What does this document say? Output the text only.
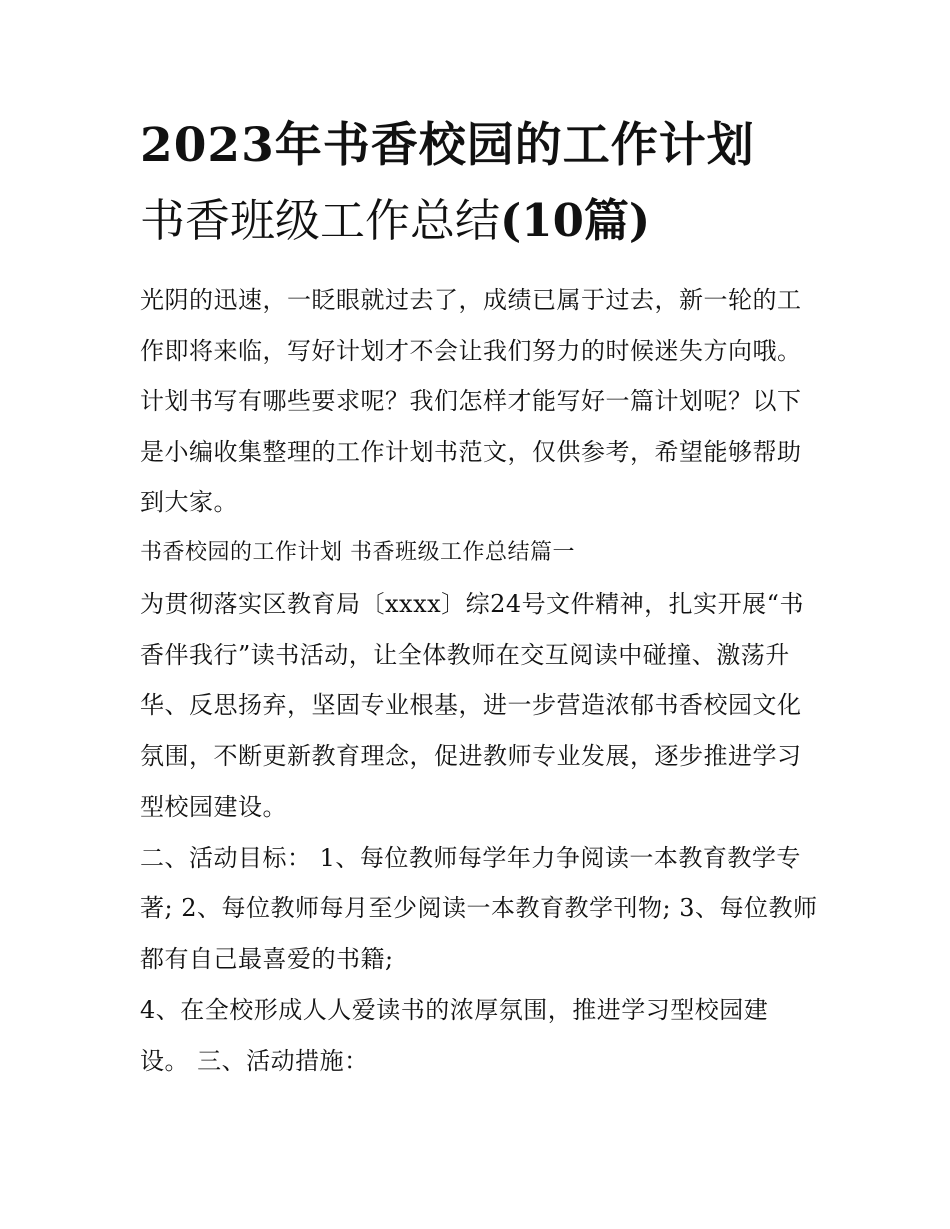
2023年书香校园的工作计划
书香班级工作总结(10篇)

光阴的迅速，一眨眼就过去了，成绩已属于过去，新一轮的工

作即将来临，写好计划才不会让我们努力的时候迷失方向哦。

计划书写有哪些要求呢？我们怎样才能写好一篇计划呢？以下

是小编收集整理的工作计划书范文，仅供参考，希望能够帮助

到大家。

书香校园的工作计划 书香班级工作总结篇一

为贯彻落实区教育局〔xxxx〕综24号文件精神，扎实开展“书

香伴我行”读书活动，让全体教师在交互阅读中碰撞、激荡升

华、反思扬弃，坚固专业根基，进一步营造浓郁书香校园文化

氛围，不断更新教育理念，促进教师专业发展，逐步推进学习

型校园建设。

二、活动目标： 1、每位教师每学年力争阅读一本教育教学专

著; 2、每位教师每月至少阅读一本教育教学刊物; 3、每位教师

都有自己最喜爱的书籍;

4、在全校形成人人爱读书的浓厚氛围，推进学习型校园建

设。 三、活动措施：
